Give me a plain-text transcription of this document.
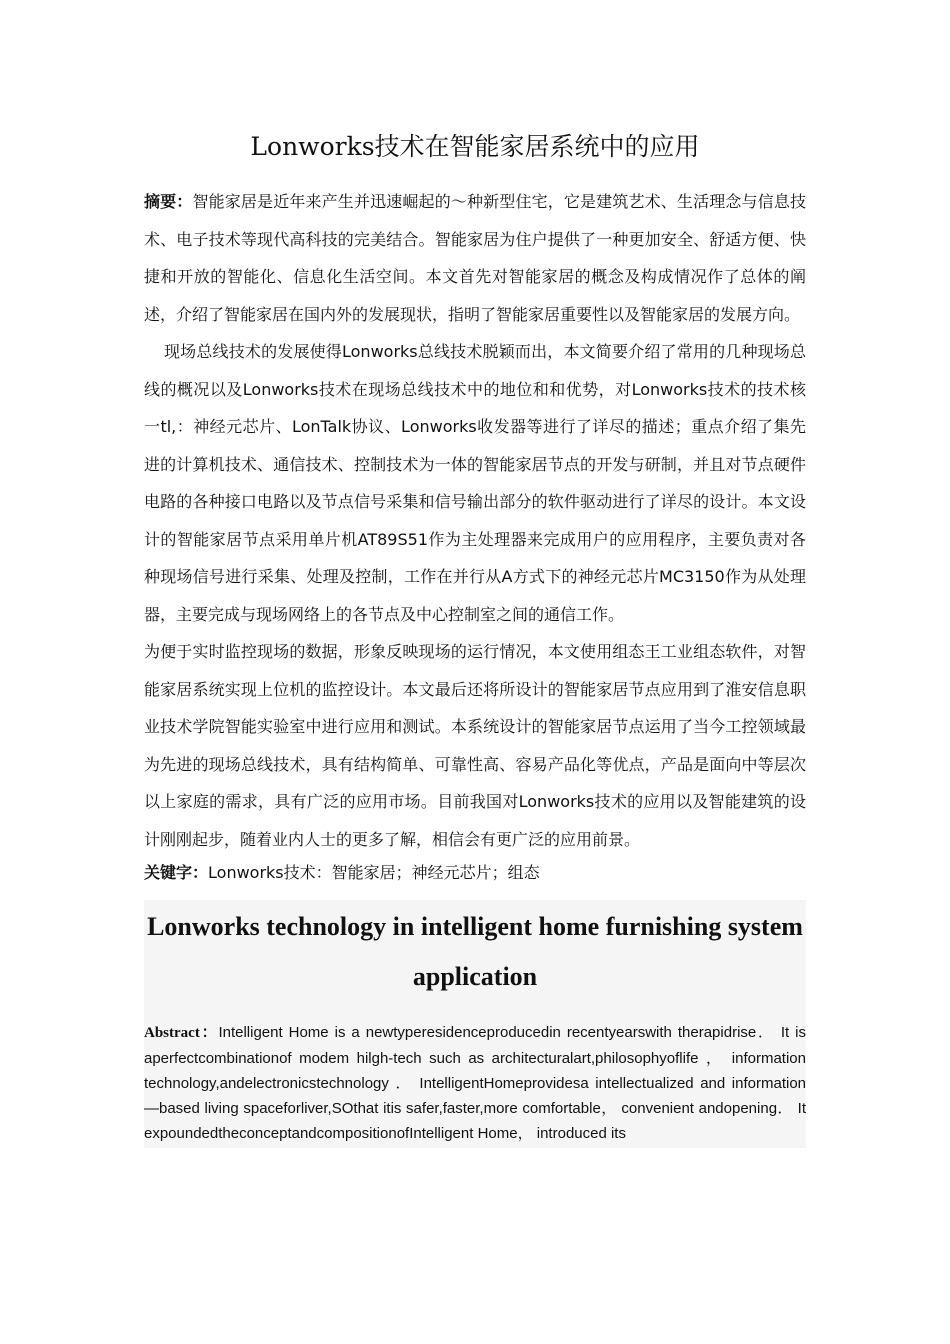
Lonworks技术在智能家居系统中的应用

摘要：智能家居是近年来产生并迅速崛起的～种新型住宅，它是建筑艺术、生活理念与信息技术、电子技术等现代高科技的完美结合。智能家居为住户提供了一种更加安全、舒适方便、快捷和开放的智能化、信息化生活空间。本文首先对智能家居的概念及构成情况作了总体的阐述，介绍了智能家居在国内外的发展现状，指明了智能家居重要性以及智能家居的发展方向。

现场总线技术的发展使得Lonworks总线技术脱颖而出，本文简要介绍了常用的几种现场总线的概况以及Lonworks技术在现场总线技术中的地位和和优势，对Lonworks技术的技术核一tl,：神经元芯片、LonTalk协议、Lonworks收发器等进行了详尽的描述；重点介绍了集先进的计算机技术、通信技术、控制技术为一体的智能家居节点的开发与研制，并且对节点硬件电路的各种接口电路以及节点信号采集和信号输出部分的软件驱动进行了详尽的设计。本文设计的智能家居节点采用单片机AT89S51作为主处理器来完成用户的应用程序，主要负责对各种现场信号进行采集、处理及控制，工作在并行从A方式下的神经元芯片MC3150作为从处理器，主要完成与现场网络上的各节点及中心控制室之间的通信工作。

为便于实时监控现场的数据，形象反映现场的运行情况，本文使用组态王工业组态软件，对智能家居系统实现上位机的监控设计。本文最后还将所设计的智能家居节点应用到了淮安信息职业技术学院智能实验室中进行应用和测试。本系统设计的智能家居节点运用了当今工控领域最为先进的现场总线技术，具有结构简单、可靠性高、容易产品化等优点，产品是面向中等层次以上家庭的需求，具有广泛的应用市场。目前我国对Lonworks技术的应用以及智能建筑的设计刚刚起步，随着业内人士的更多了解，相信会有更广泛的应用前景。

关键字：Lonworks技术：智能家居；神经元芯片；组态

Lonworks technology in intelligent home furnishing system application

Abstract：Intelligent Home is a newtyperesidenceproducedin recentyearswith therapidrise． It is aperfectcombinationof modem hilgh-tech such as architecturalart,philosophyoflife ， information technology,andelectronicstechnology ． IntelligentHomeprovidesa intellectualized and information—based living spaceforliver,SOthat itis safer,faster,more comfortable， convenient andopening． It expoundedtheconceptandcompositionofIntelligent Home， introduced its
